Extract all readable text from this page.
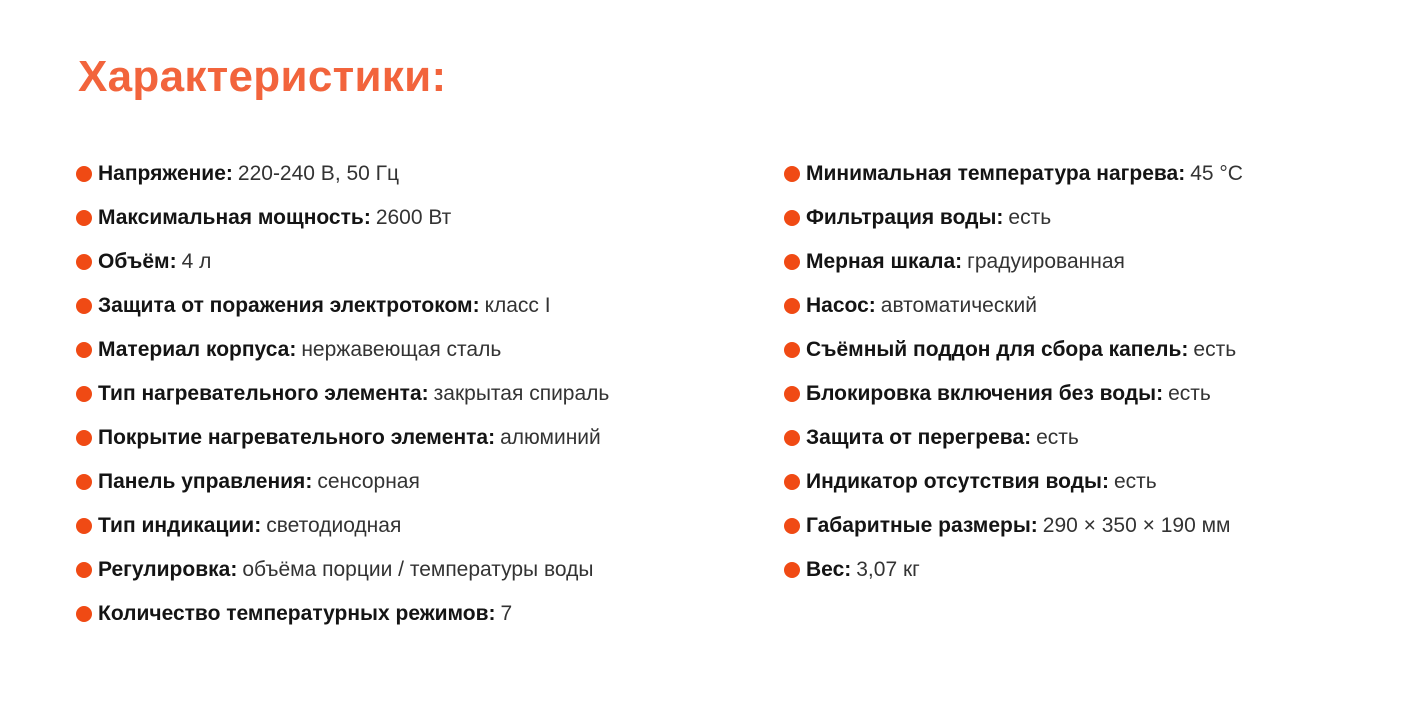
Характеристики:
Напряжение : 220-240 В, 50 Гц
Максимальная мощность : 2600 Вт
Объём : 4 л
Защита от поражения электротоком : класс I
Материал корпуса : нержавеющая сталь
Тип нагревательного элемента : закрытая спираль
Покрытие нагревательного элемента : алюминий
Панель управления : сенсорная
Тип индикации : светодиодная
Регулировка : объёма порции / температуры воды
Количество температурных режимов : 7
Минимальная температура нагрева : 45 °С
Фильтрация воды : есть
Мерная шкала : градуированная
Насос : автоматический
Съёмный поддон для сбора капель : есть
Блокировка включения без воды : есть
Защита от перегрева : есть
Индикатор отсутствия воды : есть
Габаритные размеры : 290 × 350 × 190 мм
Вес : 3,07 кг
